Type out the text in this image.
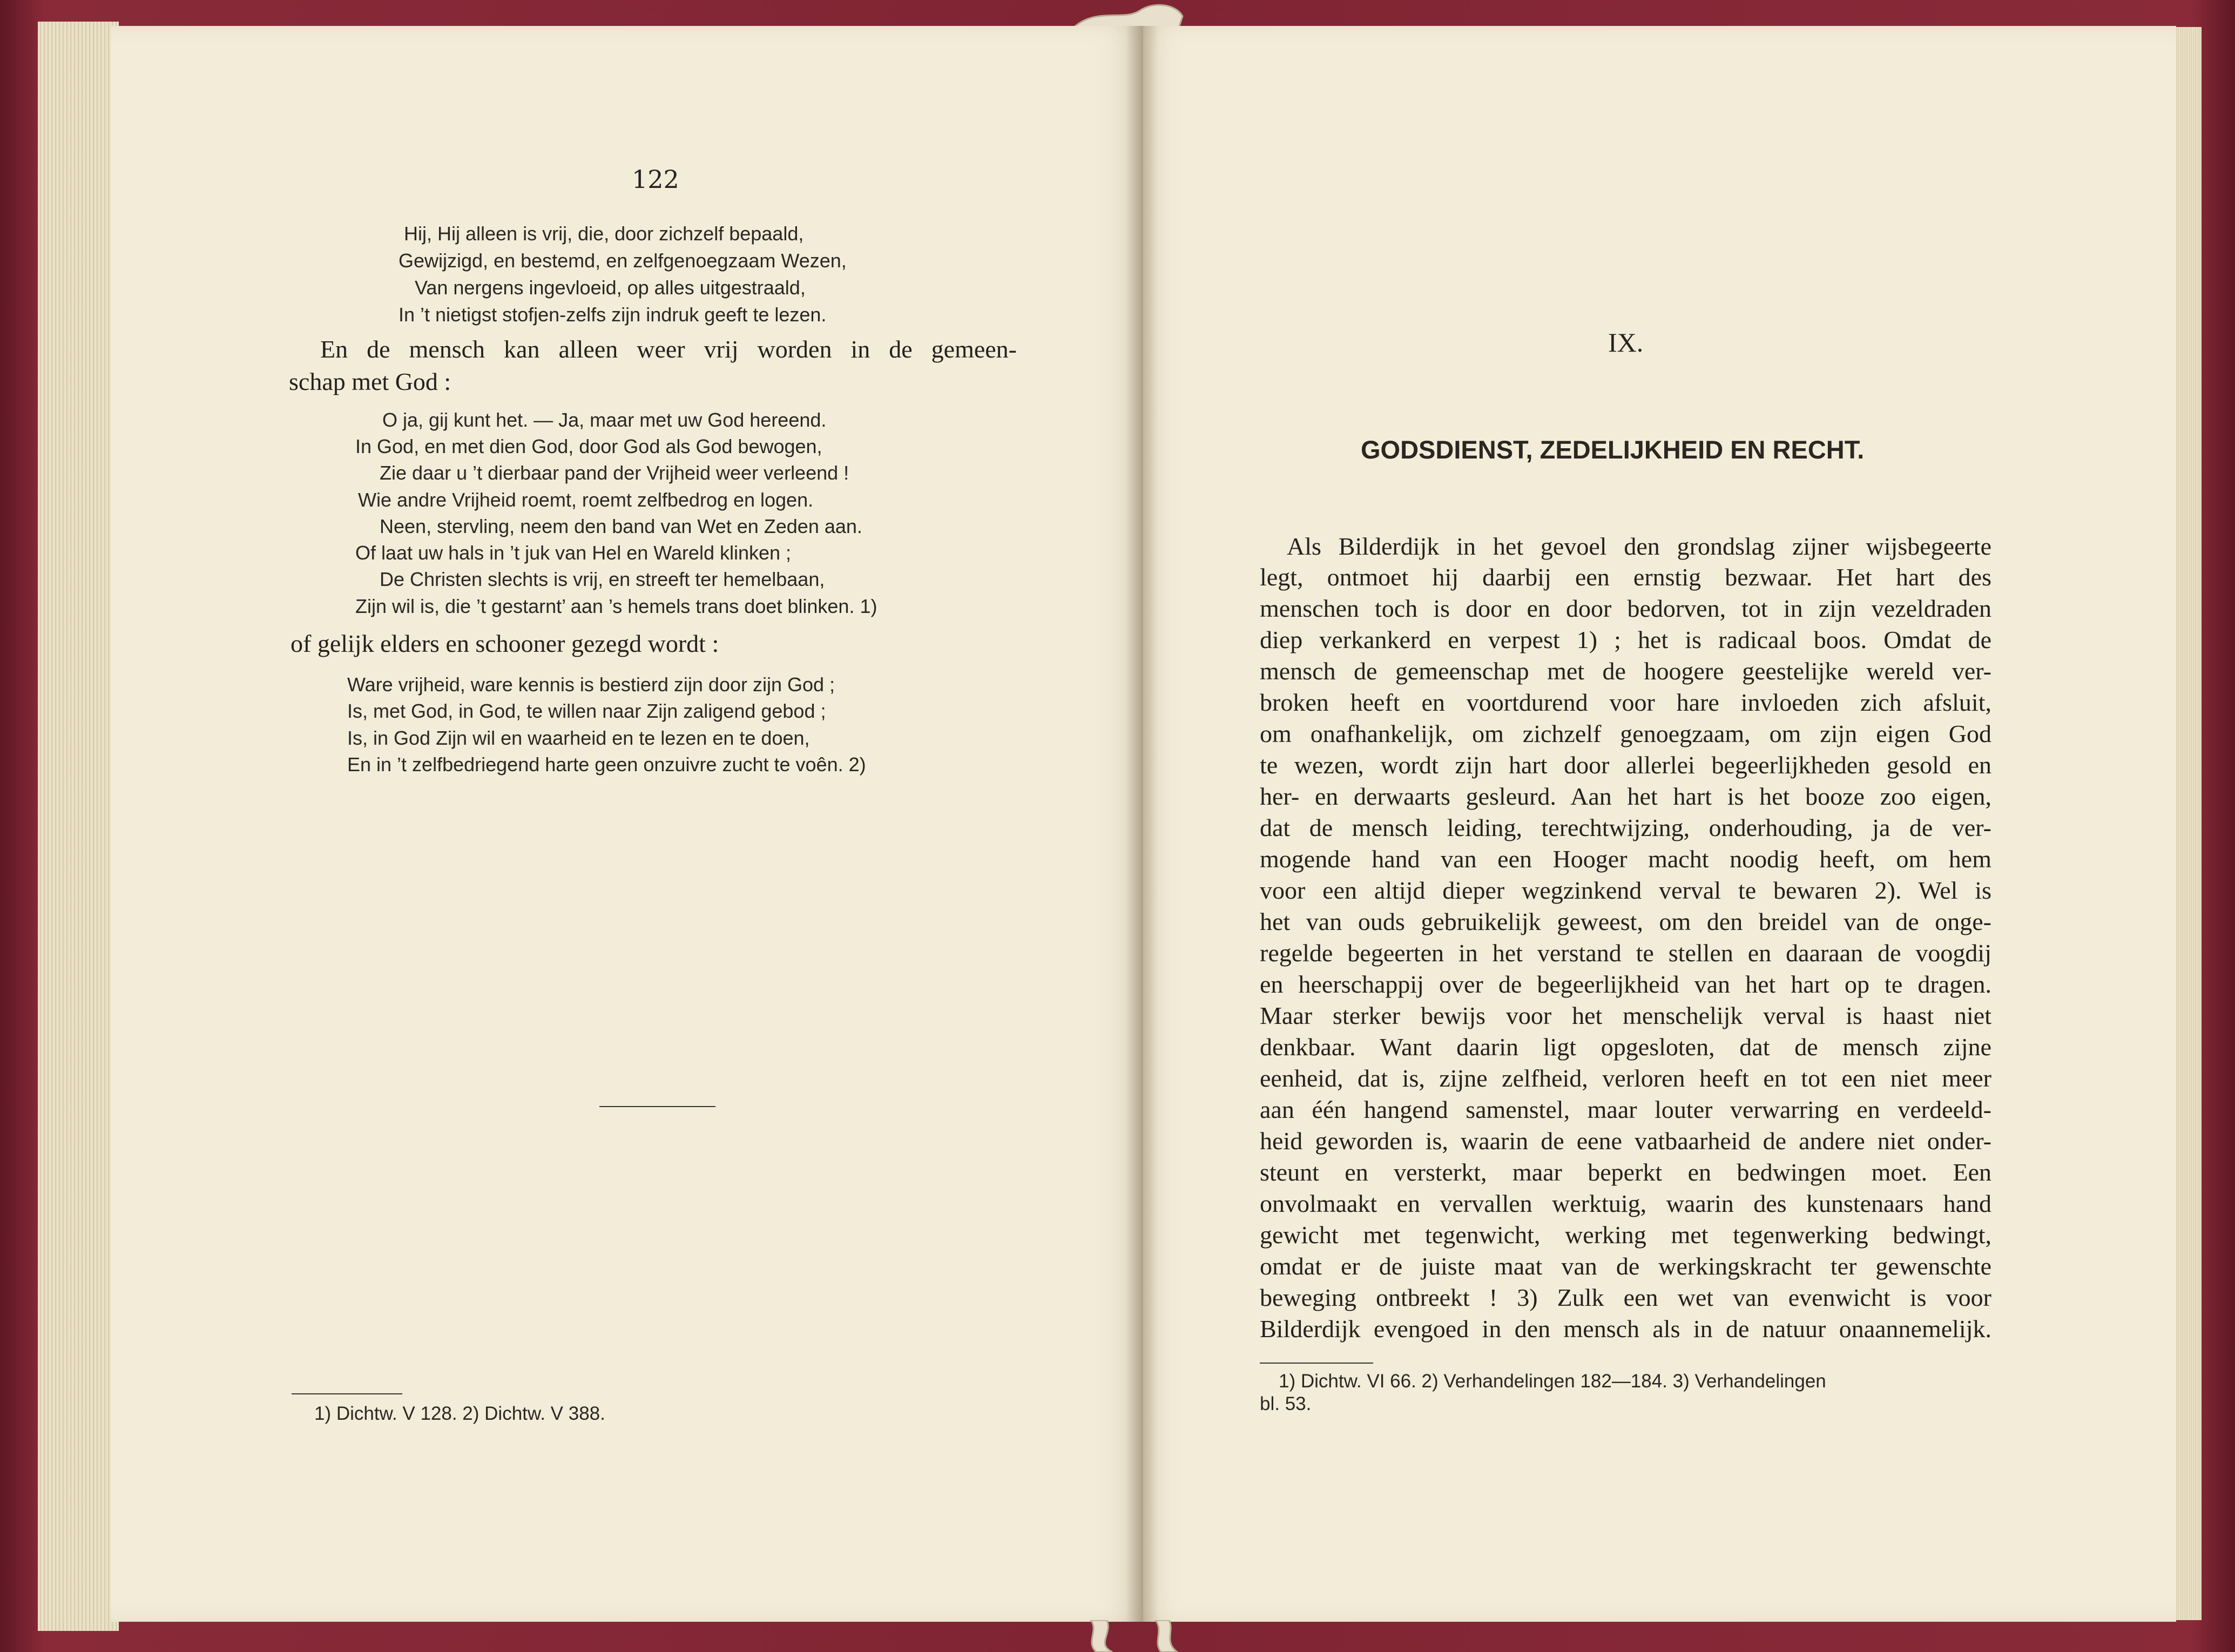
122
Hij, Hij alleen is vrij, die, door zichzelf bepaald,
Gewijzigd, en bestemd, en zelfgenoegzaam Wezen,
Van nergens ingevloeid, op alles uitgestraald,
In ’t nietigst stofjen-zelfs zijn indruk geeft te lezen.
En de mensch kan alleen weer vrij worden in de gemeen-
schap met God :
O ja, gij kunt het. — Ja, maar met uw God hereend.
In God, en met dien God, door God als God bewogen,
Zie daar u ’t dierbaar pand der Vrijheid weer verleend !
Wie andre Vrijheid roemt, roemt zelfbedrog en logen.
Neen, stervling, neem den band van Wet en Zeden aan.
Of laat uw hals in ’t juk van Hel en Wareld klinken ;
De Christen slechts is vrij, en streeft ter hemelbaan,
Zijn wil is, die ’t gestarnt’ aan ’s hemels trans doet blinken. 1)
of gelijk elders en schooner gezegd wordt :
Ware vrijheid, ware kennis is bestierd zijn door zijn God ;
Is, met God, in God, te willen naar Zijn zaligend gebod ;
Is, in God Zijn wil en waarheid en te lezen en te doen,
En in ’t zelfbedriegend harte geen onzuivre zucht te voên. 2)
1) Dichtw. V 128. 2) Dichtw. V 388.
IX.
GODSDIENST, ZEDELIJKHEID EN RECHT.
Als Bilderdijk in het gevoel den grondslag zijner wijsbegeerte
legt, ontmoet hij daarbij een ernstig bezwaar. Het hart des
menschen toch is door en door bedorven, tot in zijn vezeldraden
diep verkankerd en verpest 1) ; het is radicaal boos. Omdat de
mensch de gemeenschap met de hoogere geestelijke wereld ver-
broken heeft en voortdurend voor hare invloeden zich afsluit,
om onafhankelijk, om zichzelf genoegzaam, om zijn eigen God
te wezen, wordt zijn hart door allerlei begeerlijkheden gesold en
her- en derwaarts gesleurd. Aan het hart is het booze zoo eigen,
dat de mensch leiding, terechtwijzing, onderhouding, ja de ver-
mogende hand van een Hooger macht noodig heeft, om hem
voor een altijd dieper wegzinkend verval te bewaren 2). Wel is
het van ouds gebruikelijk geweest, om den breidel van de onge-
regelde begeerten in het verstand te stellen en daaraan de voogdij
en heerschappij over de begeerlijkheid van het hart op te dragen.
Maar sterker bewijs voor het menschelijk verval is haast niet
denkbaar. Want daarin ligt opgesloten, dat de mensch zijne
eenheid, dat is, zijne zelfheid, verloren heeft en tot een niet meer
aan één hangend samenstel, maar louter verwarring en verdeeld-
heid geworden is, waarin de eene vatbaarheid de andere niet onder-
steunt en versterkt, maar beperkt en bedwingen moet. Een
onvolmaakt en vervallen werktuig, waarin des kunstenaars hand
gewicht met tegenwicht, werking met tegenwerking bedwingt,
omdat er de juiste maat van de werkingskracht ter gewenschte
beweging ontbreekt ! 3) Zulk een wet van evenwicht is voor
Bilderdijk evengoed in den mensch als in de natuur onaannemelijk.
1) Dichtw. VI 66. 2) Verhandelingen 182—184. 3) Verhandelingen
bl. 53.
